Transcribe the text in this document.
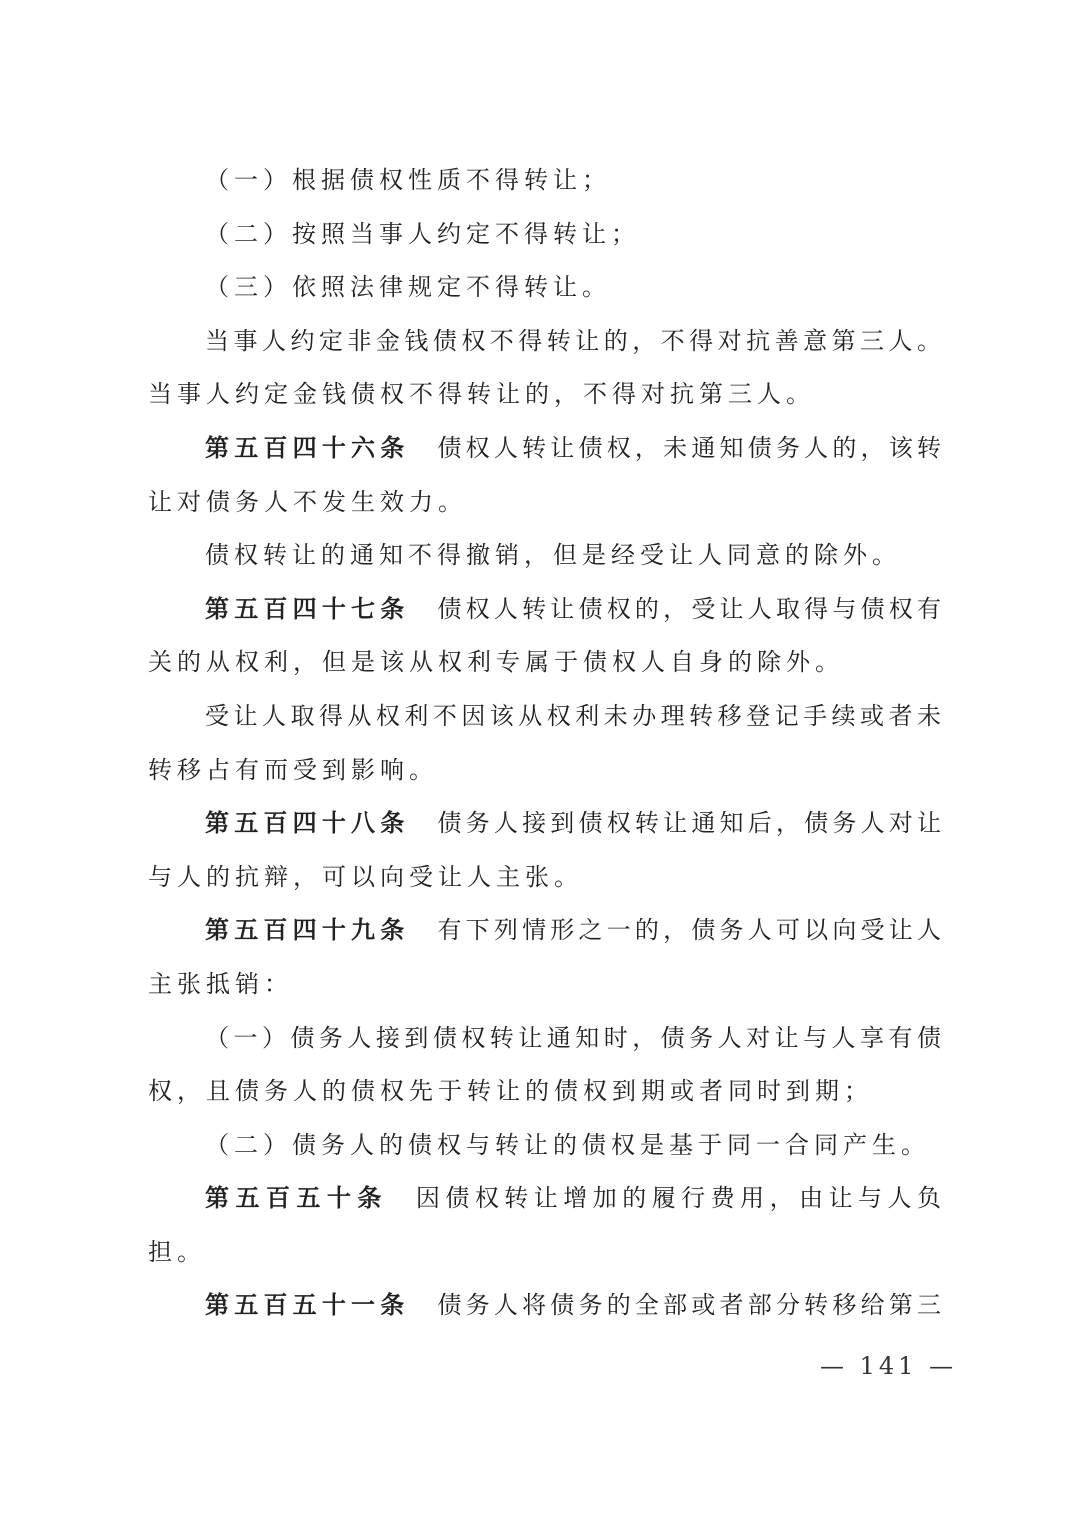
（一）根据债权性质不得转让；
（二）按照当事人约定不得转让；
（三）依照法律规定不得转让。
当事人约定非金钱债权不得转让的，不得对抗善意第三人。
当事人约定金钱债权不得转让的，不得对抗第三人。
第五百四十六条 债权人转让债权，未通知债务人的，该转
让对债务人不发生效力。
债权转让的通知不得撤销，但是经受让人同意的除外。
第五百四十七条 债权人转让债权的，受让人取得与债权有
关的从权利，但是该从权利专属于债权人自身的除外。
受让人取得从权利不因该从权利未办理转移登记手续或者未
转移占有而受到影响。
第五百四十八条 债务人接到债权转让通知后，债务人对让
与人的抗辩，可以向受让人主张。
第五百四十九条 有下列情形之一的，债务人可以向受让人
主张抵销：
（一）债务人接到债权转让通知时，债务人对让与人享有债
权，且债务人的债权先于转让的债权到期或者同时到期；
（二）债务人的债权与转让的债权是基于同一合同产生。
第五百五十条 因债权转让增加的履行费用，由让与人负
担。
第五百五十一条 债务人将债务的全部或者部分转移给第三
— 141 —
